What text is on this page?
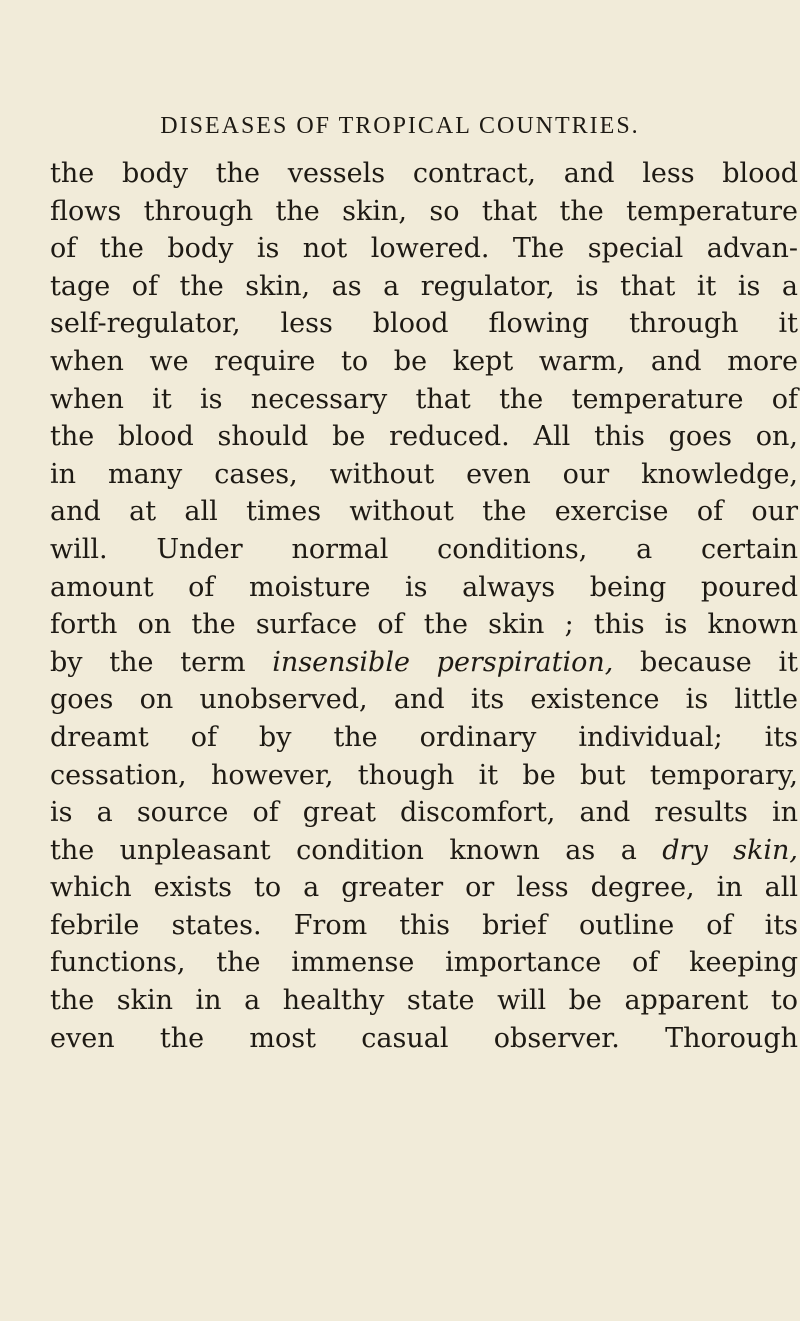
DISEASES OF TROPICAL COUNTRIES.
the body the vessels contract, and less blood
flows through the skin, so that the temperature
of the body is not lowered. The special advan-
tage of the skin, as a regulator, is that it is a
self-regulator, less blood flowing through it
when we require to be kept warm, and more
when it is necessary that the temperature of
the blood should be reduced. All this goes on,
in many cases, without even our knowledge,
and at all times without the exercise of our
will. Under normal conditions, a certain
amount of moisture is always being poured
forth on the surface of the skin ; this is known
by the term insensible perspiration, because it
goes on unobserved, and its existence is little
dreamt of by the ordinary individual; its
cessation, however, though it be but temporary,
is a source of great discomfort, and results in
the unpleasant condition known as a dry skin,
which exists to a greater or less degree, in all
febrile states. From this brief outline of its
functions, the immense importance of keeping
the skin in a healthy state will be apparent to
even the most casual observer. Thorough
